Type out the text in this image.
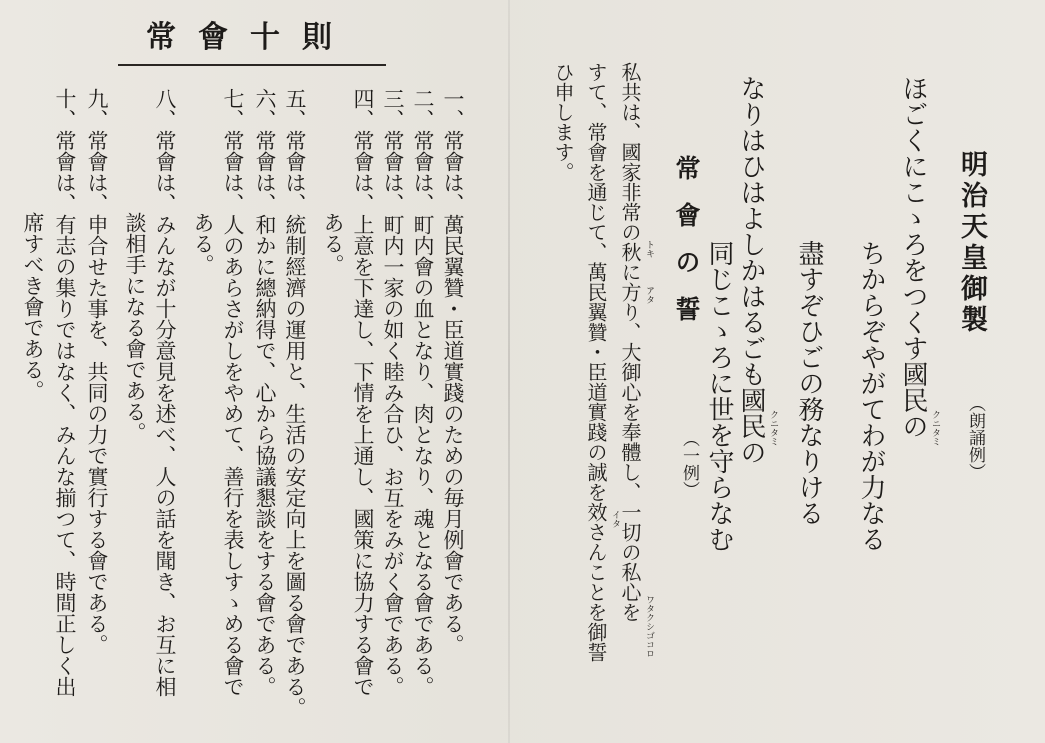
明治天皇御製
（朗誦例）
ほごくにこゝろをつくす國民の
ちからぞやがてわが力なる
盡すぞひごの務なりける
なりはひはよしかはるごも國民の
同じこゝろに世を守らなむ
常會の誓
（一例）
私共は、國家非常の秋に方り、大御心を奉體し、一切の私心を
すて、常會を通じて、萬民翼贊・臣道實踐の誠を效さんことを御誓
ひ申します。
クニタミ
クニタミ
トキ
アタ
ワタクシゴコロ
イタ
常會十則
一、
常會は、萬民翼贊・臣道實踐のための毎月例會である。
二、
常會は、町内會の血となり、肉となり、魂となる會である。
三、
常會は、町内一家の如く睦み合ひ、お互をみがく會である。
四、
常會は、上意を下達し、下情を上通し、國策に協力する會で
ある。
五、
常會は、統制經濟の運用と、生活の安定向上を圖る會である。
六、
常會は、和かに總納得で、心から協議懇談をする會である。
七、
常會は、人のあらさがしをやめて、善行を表しすゝめる會で
ある。
八、
常會は、みんなが十分意見を述べ、人の話を聞き、お互に相
談相手になる會である。
九、
常會は、申合せた事を、共同の力で實行する會である。
十、
常會は、有志の集りではなく、みんな揃つて、時間正しく出
席すべき會である。
